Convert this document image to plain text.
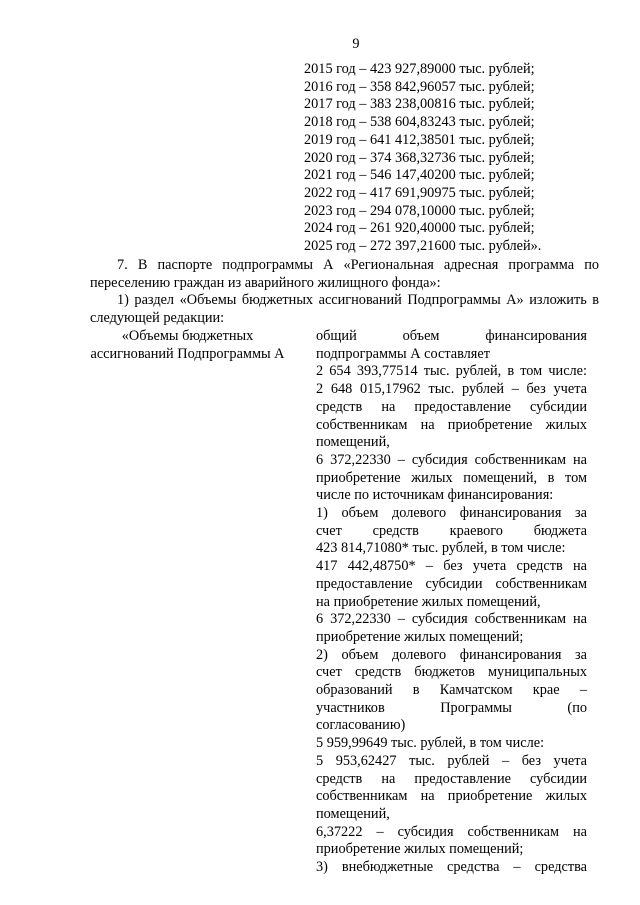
9
2015 год – 423 927,89000 тыс. рублей;
2016 год – 358 842,96057 тыс. рублей;
2017 год – 383 238,00816 тыс. рублей;
2018 год – 538 604,83243 тыс. рублей;
2019 год – 641 412,38501 тыс. рублей;
2020 год – 374 368,32736 тыс. рублей;
2021 год – 546 147,40200 тыс. рублей;
2022 год – 417 691,90975 тыс. рублей;
2023 год – 294 078,10000 тыс. рублей;
2024 год – 261 920,40000 тыс. рублей;
2025 год – 272 397,21600 тыс. рублей».
7. В паспорте подпрограммы А «Региональная адресная программа по переселению граждан из аварийного жилищного фонда»:
1) раздел «Объемы бюджетных ассигнований Подпрограммы А» изложить в следующей редакции:
«Объемы бюджетных ассигнований Подпрограммы А
общий объем финансирования
подпрограммы А составляет
2 654 393,77514 тыс. рублей, в том числе:
2 648 015,17962 тыс. рублей – без учета
средств на предоставление субсидии
собственникам на приобретение жилых
помещений,
6 372,22330 – субсидия собственникам на
приобретение жилых помещений, в том
числе по источникам финансирования:
1) объем долевого финансирования за
счет средств краевого бюджета
423 814,71080* тыс. рублей, в том числе:
417 442,48750* – без учета средств на
предоставление субсидии собственникам
на приобретение жилых помещений,
6 372,22330 – субсидия собственникам на
приобретение жилых помещений;
2) объем долевого финансирования за
счет средств бюджетов муниципальных
образований в Камчатском крае –
участников Программы (по
согласованию)
5 959,99649 тыс. рублей, в том числе:
5 953,62427 тыс. рублей – без учета
средств на предоставление субсидии
собственникам на приобретение жилых
помещений,
6,37222 – субсидия собственникам на
приобретение жилых помещений;
3) внебюджетные средства – средства
